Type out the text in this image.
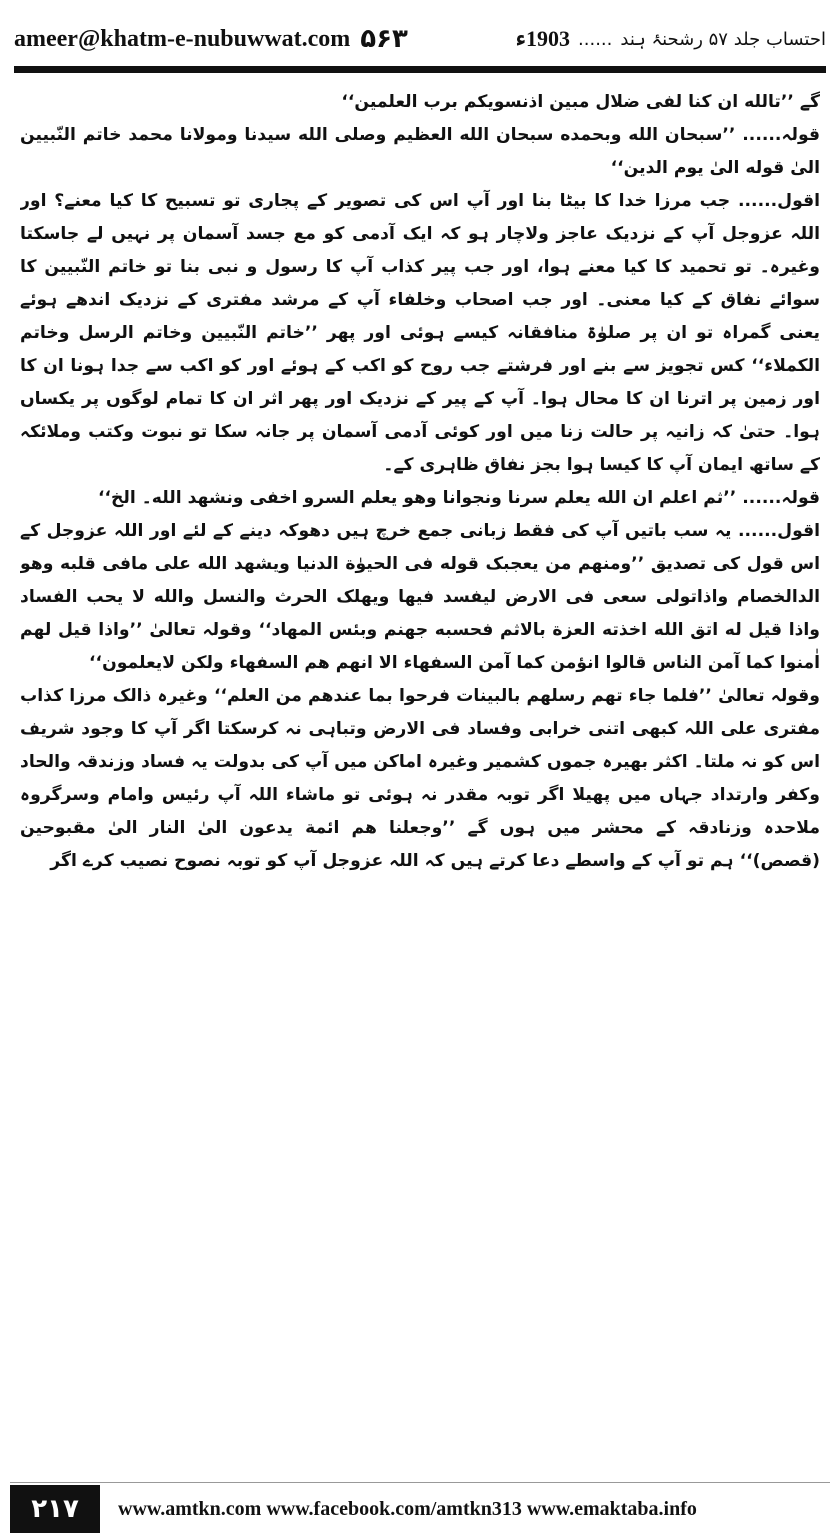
ameer@khatm-e-nubuwwat.com ۵۶۳	احتساب جلد ۵۷ رشحنۂ ہند
......
1903ء

گے ’’تالله ان کنا لفی ضلال مبین اذنسویکم برب العلمین‘‘

قولہ...... ’’سبحان الله وبحمده سبحان الله العظیم وصلی الله سیدنا ومولانا محمد خاتم النّبیین الیٰ قوله الیٰ یوم الدین‘‘

اقول...... جب مرزا خدا کا بیٹا بنا اور آپ اس کی تصویر کے پجاری تو تسبیح کا کیا معنے؟ اور اللہ عزوجل آپ کے نزدیک عاجز ولاچار ہو کہ ایک آدمی کو مع جسد آسمان پر نہیں لے جاسکتا وغیرہ۔ تو تحمید کا کیا معنے ہوا، اور جب پیر کذاب آپ کا رسول و نبی بنا تو خاتم النّبیین کا سوائے نفاق کے کیا معنی۔ اور جب اصحاب وخلفاء آپ کے مرشد مفتری کے نزدیک اندھے ہوئے یعنی گمراہ تو ان پر صلوٰۃ منافقانہ کیسے ہوئی اور پھر ’’خاتم النّبیین وخاتم الرسل وخاتم الکملاء‘‘ کس تجویز سے بنے اور فرشتے جب روح کو اکب کے ہوئے اور کو اکب سے جدا ہونا ان کا اور زمین پر اترنا ان کا محال ہوا۔ آپ کے پیر کے نزدیک اور پھر اثر ان کا تمام لوگوں پر یکساں ہوا۔ حتیٰ کہ زانیہ پر حالت زنا میں اور کوئی آدمی آسمان پر جانہ سکا تو نبوت وکتب وملائکہ کے ساتھ ایمان آپ کا کیسا ہوا بجز نفاق ظاہری کے۔

قولہ...... ’’ثم اعلم ان الله یعلم سرنا ونجوانا وهو یعلم السرو اخفی ونشهد الله۔ الخ‘‘

اقول...... یہ سب باتیں آپ کی فقط زبانی جمع خرچ ہیں دھوکہ دینے کے لئے اور اللہ عزوجل کے اس قول کی تصدیق ’’ومنهم من یعجبک قوله فی الحیوٰة الدنیا ویشهد الله علی مافی قلبه وهو الدالخصام واذاتولی سعی فی الارض لیفسد فیها ویهلک الحرث والنسل والله لا یحب الفساد واذا قیل له اتق الله اخذته العزة بالاثم فحسبه جهنم وبئس المهاد‘‘ وقولہ تعالیٰ ’’واذا قیل لهم اٰمنوا کما آمن الناس قالوا انؤمن کما آمن السفهاء الا انهم هم السفهاء ولکن لایعلمون‘‘

وقولہ تعالیٰ ’’فلما جاء تهم رسلهم بالبینات فرحوا بما عندهم من العلم‘‘ وغیرہ ذالک مرزا کذاب مفتری علی اللہ کبھی اتنی خرابی وفساد فی الارض وتباہی نہ کرسکتا اگر آپ کا وجود شریف اس کو نہ ملتا۔ اکثر بھیرہ جموں کشمیر وغیرہ اماکن میں آپ کی بدولت یہ فساد وزندقہ والحاد وکفر وارتداد جہاں میں پھیلا اگر توبہ مقدر نہ ہوئی تو ماشاء اللہ آپ رئیس وامام وسرگروہ ملاحدہ وزنادقہ کے محشر میں ہوں گے ’’وجعلنا هم ائمة یدعون الیٰ النار الیٰ مقبوحین (قصص)‘‘ ہم تو آپ کے واسطے دعا کرتے ہیں کہ اللہ عزوجل آپ کو توبہ نصوح نصیب کرے اگر

۲۱۷	www.amtkn.com www.facebook.com/amtkn313 www.emaktaba.info
